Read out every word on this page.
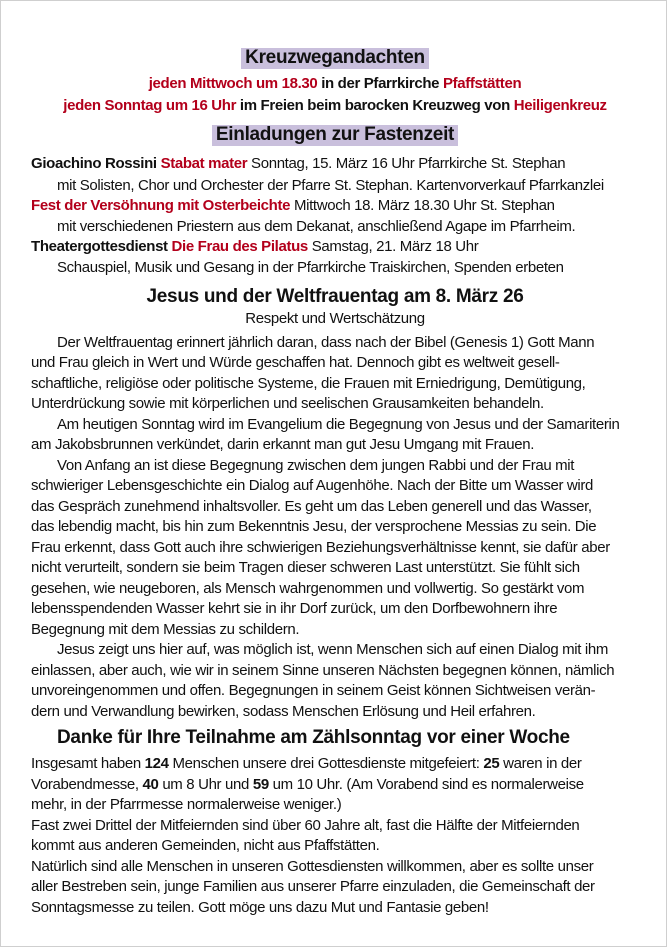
Kreuzwegandachten
jeden Mittwoch um 18.30 in der Pfarrkirche Pfaffstätten
jeden Sonntag um 16 Uhr im Freien beim barocken Kreuzweg von Heiligenkreuz
Einladungen zur Fastenzeit
Gioachino Rossini Stabat mater Sonntag, 15. März 16 Uhr Pfarrkirche St. Stephan
mit Solisten, Chor und Orchester der Pfarre St. Stephan. Kartenvorverkauf Pfarrkanzlei
Fest der Versöhnung mit Osterbeichte Mittwoch 18. März 18.30 Uhr St. Stephan
mit verschiedenen Priestern aus dem Dekanat, anschließend Agape im Pfarrheim.
Theatergottesdienst Die Frau des Pilatus Samstag, 21. März 18 Uhr
Schauspiel, Musik und Gesang in der Pfarrkirche Traiskirchen, Spenden erbeten
Jesus und der Weltfrauentag am 8. März 26
Respekt und Wertschätzung
Der Weltfrauentag erinnert jährlich daran, dass nach der Bibel (Genesis 1) Gott Mann
und Frau gleich in Wert und Würde geschaffen hat. Dennoch gibt es weltweit gesell-
schaftliche, religiöse oder politische Systeme, die Frauen mit Erniedrigung, Demütigung,
Unterdrückung sowie mit körperlichen und seelischen Grausamkeiten behandeln.
Am heutigen Sonntag wird im Evangelium die Begegnung von Jesus und der Samariterin
am Jakobsbrunnen verkündet, darin erkannt man gut Jesu Umgang mit Frauen.
Von Anfang an ist diese Begegnung zwischen dem jungen Rabbi und der Frau mit
schwieriger Lebensgeschichte ein Dialog auf Augenhöhe. Nach der Bitte um Wasser wird
das Gespräch zunehmend inhaltsvoller. Es geht um das Leben generell und das Wasser,
das lebendig macht, bis hin zum Bekenntnis Jesu, der versprochene Messias zu sein. Die
Frau erkennt, dass Gott auch ihre schwierigen Beziehungsverhältnisse kennt, sie dafür aber
nicht verurteilt, sondern sie beim Tragen dieser schweren Last unterstützt. Sie fühlt sich
gesehen, wie neugeboren, als Mensch wahrgenommen und vollwertig. So gestärkt vom
lebensspendenden Wasser kehrt sie in ihr Dorf zurück, um den Dorfbewohnern ihre
Begegnung mit dem Messias zu schildern.
Jesus zeigt uns hier auf, was möglich ist, wenn Menschen sich auf einen Dialog mit ihm
einlassen, aber auch, wie wir in seinem Sinne unseren Nächsten begegnen können, nämlich
unvoreingenommen und offen. Begegnungen in seinem Geist können Sichtweisen verän-
dern und Verwandlung bewirken, sodass Menschen Erlösung und Heil erfahren.
Danke für Ihre Teilnahme am Zählsonntag vor einer Woche
Insgesamt haben 124 Menschen unsere drei Gottesdienste mitgefeiert: 25 waren in der
Vorabendmesse, 40 um 8 Uhr und 59 um 10 Uhr. (Am Vorabend sind es normalerweise
mehr, in der Pfarrmesse normalerweise weniger.)
Fast zwei Drittel der Mitfeiernden sind über 60 Jahre alt, fast die Hälfte der Mitfeiernden
kommt aus anderen Gemeinden, nicht aus Pfaffstätten.
Natürlich sind alle Menschen in unseren Gottesdiensten willkommen, aber es sollte unser
aller Bestreben sein, junge Familien aus unserer Pfarre einzuladen, die Gemeinschaft der
Sonntagsmesse zu teilen. Gott möge uns dazu Mut und Fantasie geben!
